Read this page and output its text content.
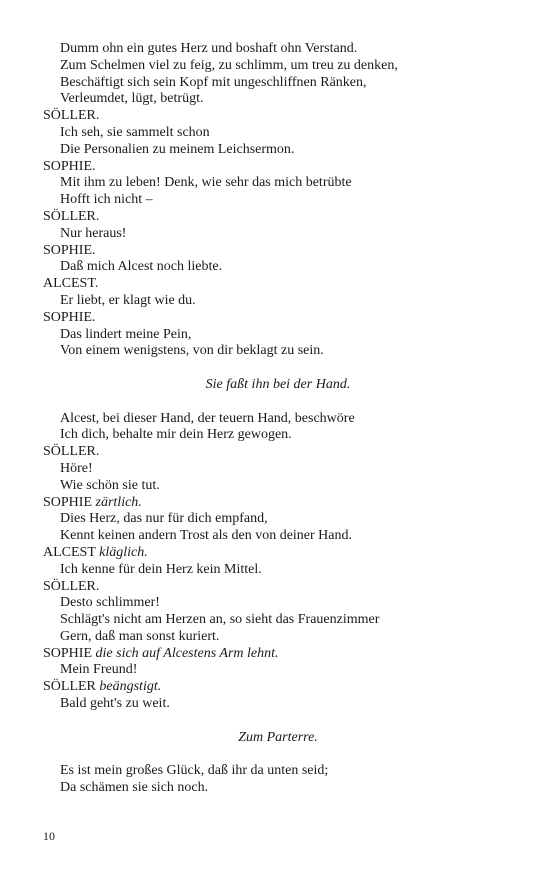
Dumm ohn ein gutes Herz und boshaft ohn Verstand.
Zum Schelmen viel zu feig, zu schlimm, um treu zu denken,
Beschäftigt sich sein Kopf mit ungeschliffnen Ränken,
Verleumdet, lügt, betrügt.
SÖLLER.
Ich seh, sie sammelt schon
Die Personalien zu meinem Leichsermon.
SOPHIE.
Mit ihm zu leben! Denk, wie sehr das mich betrübte
Hofft ich nicht –
SÖLLER.
Nur heraus!
SOPHIE.
Daß mich Alcest noch liebte.
ALCEST.
Er liebt, er klagt wie du.
SOPHIE.
Das lindert meine Pein,
Von einem wenigstens, von dir beklagt zu sein.
Sie faßt ihn bei der Hand.
Alcest, bei dieser Hand, der teuern Hand, beschwöre
Ich dich, behalte mir dein Herz gewogen.
SÖLLER.
Höre!
Wie schön sie tut.
SOPHIE zärtlich.
Dies Herz, das nur für dich empfand,
Kennt keinen andern Trost als den von deiner Hand.
ALCEST kläglich.
Ich kenne für dein Herz kein Mittel.
SÖLLER.
Desto schlimmer!
Schlägt's nicht am Herzen an, so sieht das Frauenzimmer
Gern, daß man sonst kuriert.
SOPHIE die sich auf Alcestens Arm lehnt.
Mein Freund!
SÖLLER beängstigt.
Bald geht's zu weit.
Zum Parterre.
Es ist mein großes Glück, daß ihr da unten seid;
Da schämen sie sich noch.
10
